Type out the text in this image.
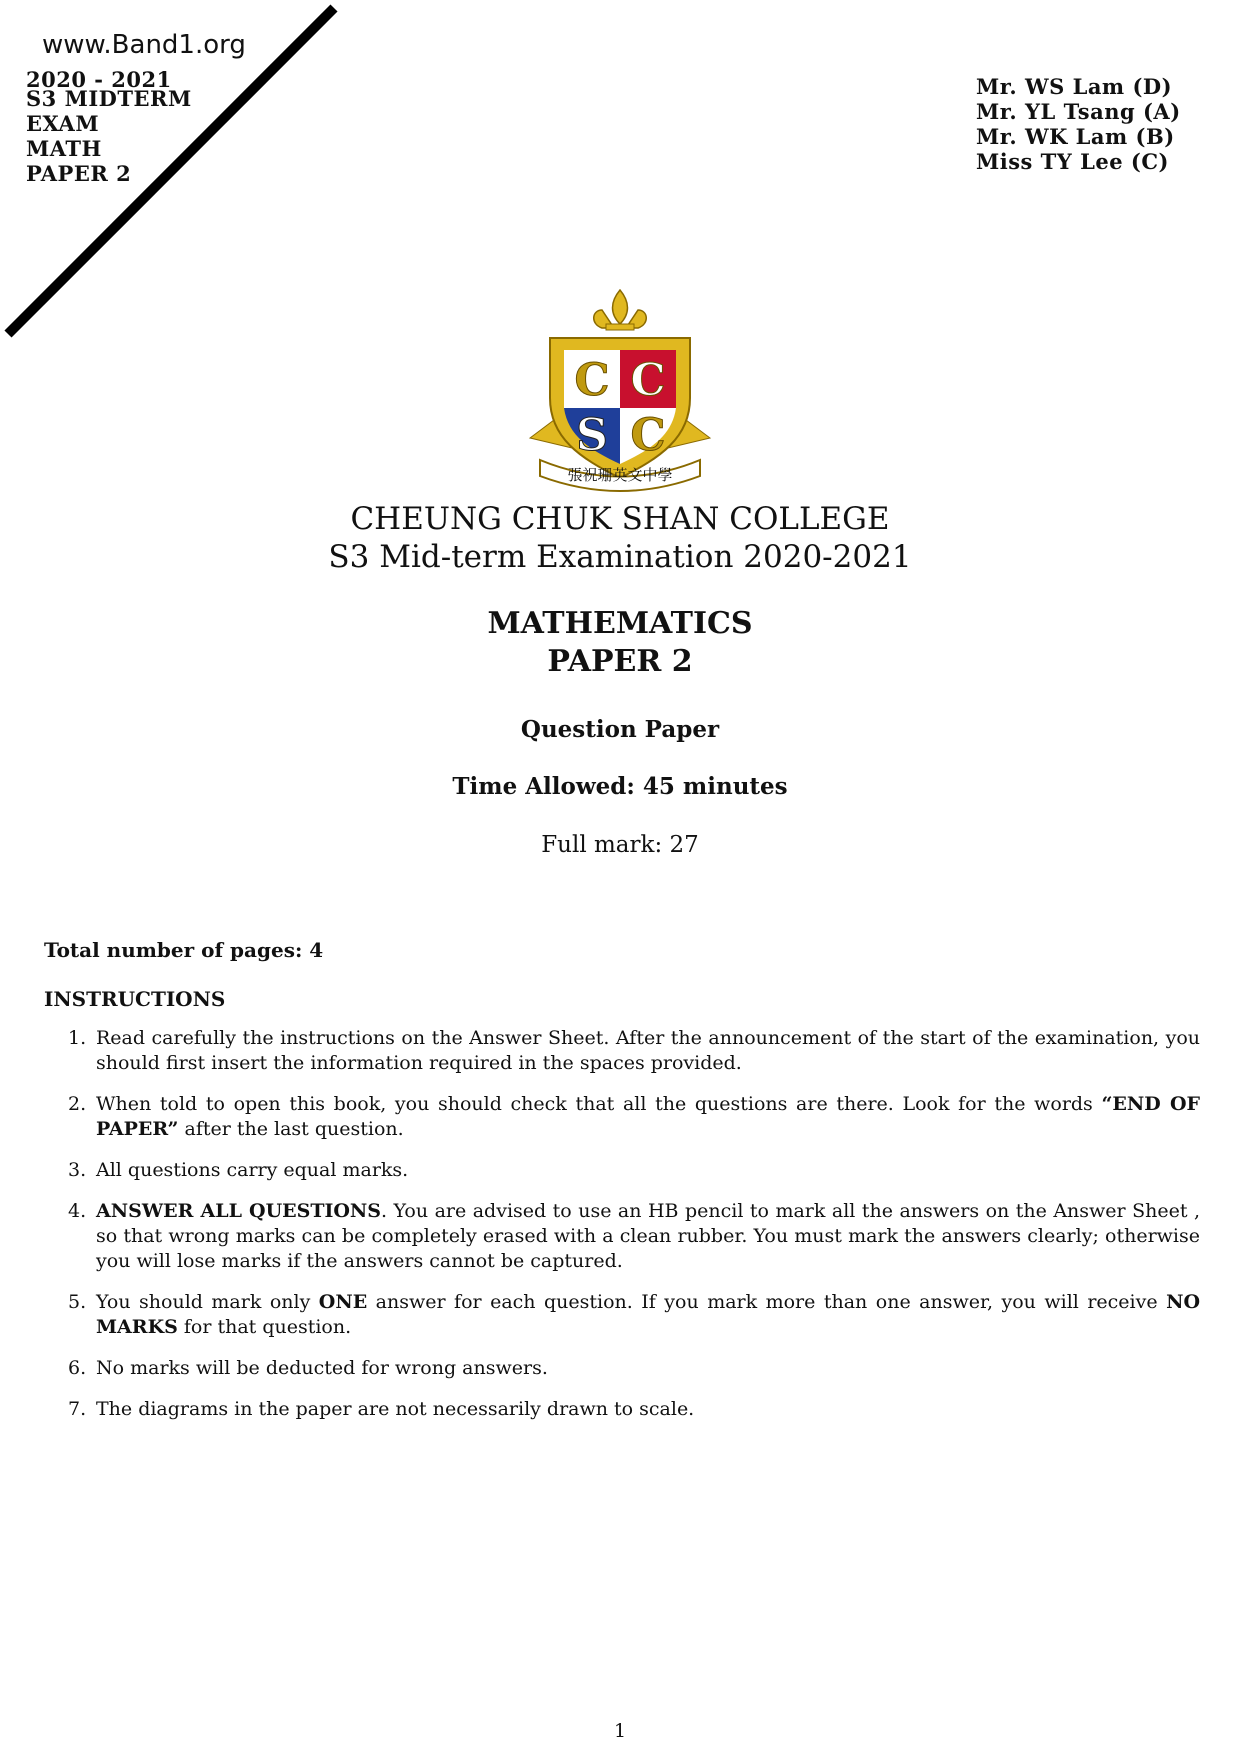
www.Band1.org
2020 - 2021
S3 MIDTERM
EXAM
MATH
PAPER 2
Mr. WS Lam (D)
Mr. YL Tsang (A)
Mr. WK Lam (B)
Miss TY Lee (C)
C C
S C
張祝珊英文中學
CHEUNG CHUK SHAN COLLEGE
S3 Mid-term Examination 2020-2021
MATHEMATICS
PAPER 2
Question Paper
Time Allowed: 45 minutes
Full mark: 27
Total number of pages: 4
INSTRUCTIONS
1. Read carefully the instructions on the Answer Sheet. After the announcement of the start of the examination, you should first insert the information required in the spaces provided.
2. When told to open this book, you should check that all the questions are there. Look for the words “END OF PAPER” after the last question.
3. All questions carry equal marks.
4. ANSWER ALL QUESTIONS. You are advised to use an HB pencil to mark all the answers on the Answer Sheet , so that wrong marks can be completely erased with a clean rubber. You must mark the answers clearly; otherwise you will lose marks if the answers cannot be captured.
5. You should mark only ONE answer for each question. If you mark more than one answer, you will receive NO MARKS for that question.
6. No marks will be deducted for wrong answers.
7. The diagrams in the paper are not necessarily drawn to scale.
1
